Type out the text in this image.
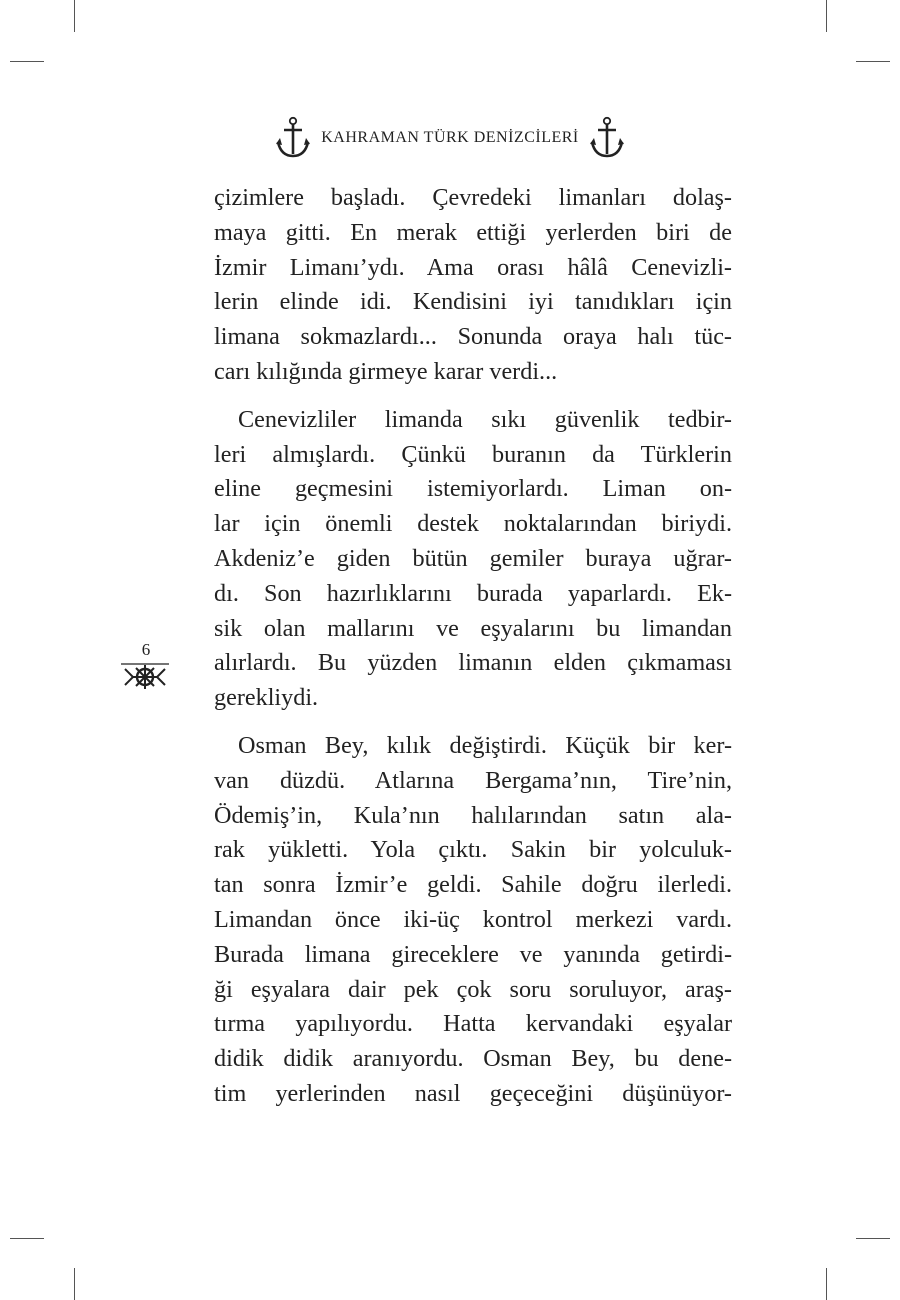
KAHRAMAN TÜRK DENİZCİLERİ
6
çizimlere başladı. Çevredeki limanları dolaş-
maya gitti. En merak ettiği yerlerden biri de
İzmir Limanı’ydı. Ama orası hâlâ Cenevizli-
lerin elinde idi. Kendisini iyi tanıdıkları için
limana sokmazlardı... Sonunda oraya halı tüc-
carı kılığında girmeye karar verdi...
Cenevizliler limanda sıkı güvenlik tedbir-
leri almışlardı. Çünkü buranın da Türklerin
eline geçmesini istemiyorlardı. Liman on-
lar için önemli destek noktalarından biriydi.
Akdeniz’e giden bütün gemiler buraya uğrar-
dı. Son hazırlıklarını burada yaparlardı. Ek-
sik olan mallarını ve eşyalarını bu limandan
alırlardı. Bu yüzden limanın elden çıkmaması
gerekliydi.
Osman Bey, kılık değiştirdi. Küçük bir ker-
van düzdü. Atlarına Bergama’nın, Tire’nin,
Ödemiş’in, Kula’nın halılarından satın ala-
rak yükletti. Yola çıktı. Sakin bir yolculuk-
tan sonra İzmir’e geldi. Sahile doğru ilerledi.
Limandan önce iki-üç kontrol merkezi vardı.
Burada limana gireceklere ve yanında getirdi-
ği eşyalara dair pek çok soru soruluyor, araş-
tırma yapılıyordu. Hatta kervandaki eşyalar
didik didik aranıyordu. Osman Bey, bu dene-
tim yerlerinden nasıl geçeceğini düşünüyor-
